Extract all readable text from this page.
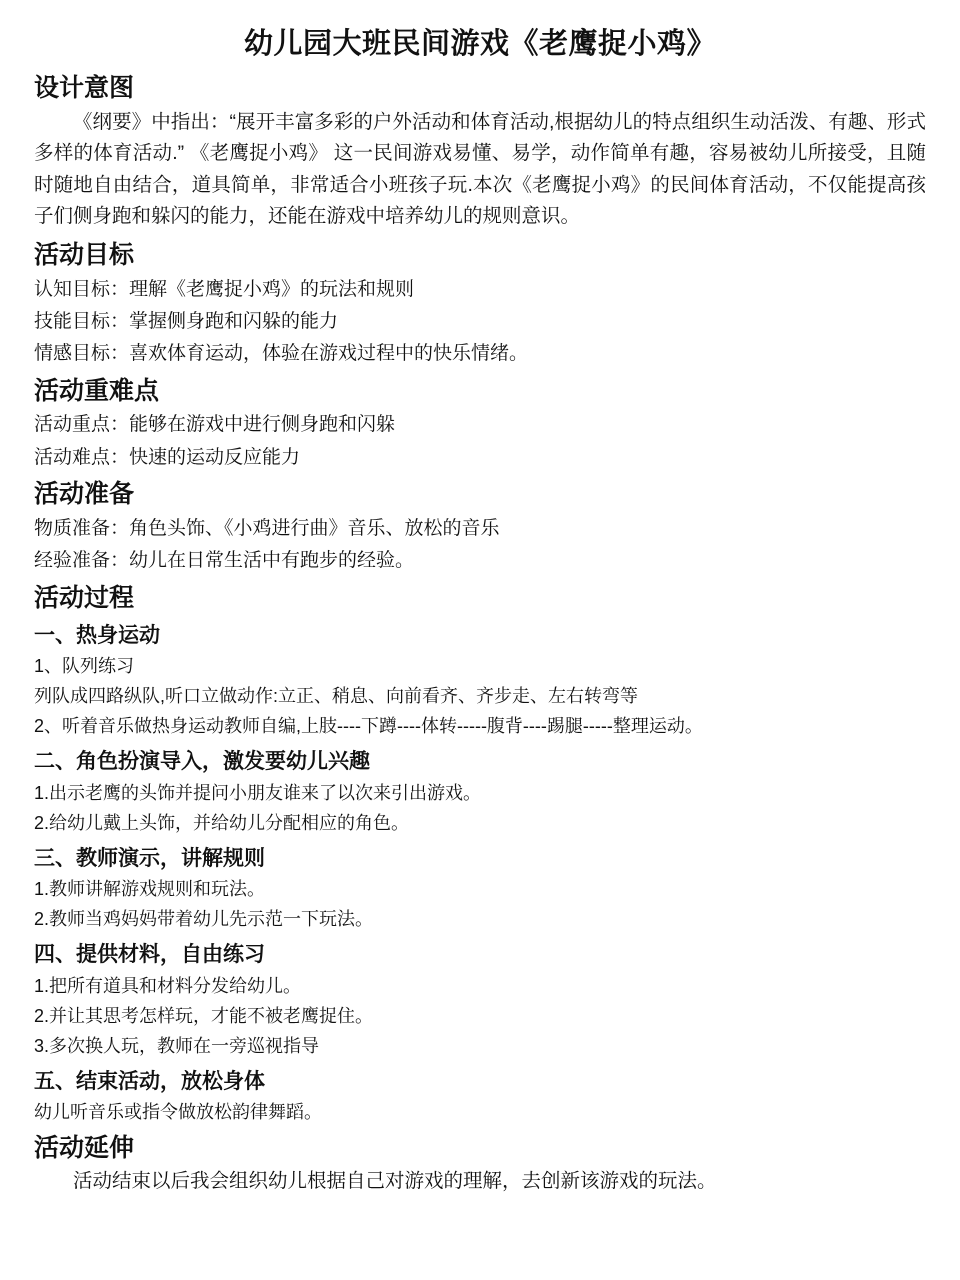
幼儿园大班民间游戏《老鹰捉小鸡》
设计意图

《纲要》中指出：“展开丰富多彩的户外活动和体育活动,根据幼儿的特点组织生动活泼、有趣、形式多样的体育活动.” 《老鹰捉小鸡》 这一民间游戏易懂、易学，动作简单有趣，容易被幼儿所接受，且随时随地自由结合，道具简单，非常适合小班孩子玩.本次《老鹰捉小鸡》的民间体育活动，不仅能提高孩子们侧身跑和躲闪的能力，还能在游戏中培养幼儿的规则意识。

活动目标

认知目标：理解《老鹰捉小鸡》的玩法和规则

技能目标：掌握侧身跑和闪躲的能力

情感目标：喜欢体育运动，体验在游戏过程中的快乐情绪。

活动重难点

活动重点：能够在游戏中进行侧身跑和闪躲

活动难点：快速的运动反应能力

活动准备

物质准备：角色头饰、《小鸡进行曲》音乐、放松的音乐

经验准备：幼儿在日常生活中有跑步的经验。

活动过程
一、热身运动

1、队列练习

列队成四路纵队,听口立做动作:立正、稍息、向前看齐、齐步走、左右转弯等

2、听着音乐做热身运动教师自编,上肢----下蹲----体转-----腹背----踢腿-----整理运动。

二、角色扮演导入，激发要幼儿兴趣

1.出示老鹰的头饰并提问小朋友谁来了以次来引出游戏。

2.给幼儿戴上头饰，并给幼儿分配相应的角色。

三、教师演示，讲解规则

1.教师讲解游戏规则和玩法。

2.教师当鸡妈妈带着幼儿先示范一下玩法。

四、提供材料，自由练习

1.把所有道具和材料分发给幼儿。

2.并让其思考怎样玩，才能不被老鹰捉住。

3.多次换人玩，教师在一旁巡视指导

五、结束活动，放松身体

幼儿听音乐或指令做放松韵律舞蹈。

活动延伸

活动结束以后我会组织幼儿根据自己对游戏的理解，去创新该游戏的玩法。
